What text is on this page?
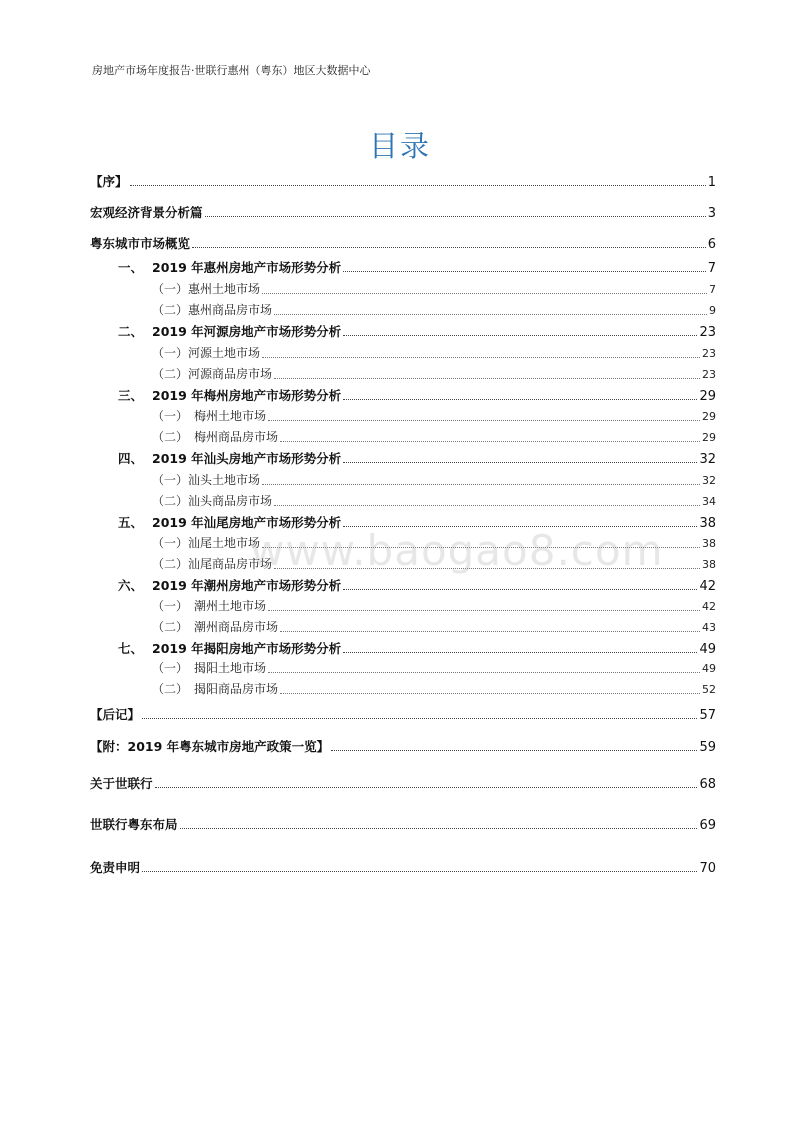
房地产市场年度报告·世联行惠州（粤东）地区大数据中心
目录
【序】	1
宏观经济背景分析篇	3
粤东城市市场概览	6
一、 2019 年惠州房地产市场形势分析	7
（一） 惠州土地市场	7
（二） 惠州商品房市场	9
二、 2019 年河源房地产市场形势分析	23
（一） 河源土地市场	23
（二） 河源商品房市场	23
三、 2019 年梅州房地产市场形势分析	29
（一） 梅州土地市场	29
（二） 梅州商品房市场	29
四、 2019 年汕头房地产市场形势分析	32
（一） 汕头土地市场	32
（二） 汕头商品房市场	34
五、 2019 年汕尾房地产市场形势分析	38
（一） 汕尾土地市场	38
（二） 汕尾商品房市场	38
六、 2019 年潮州房地产市场形势分析	42
（一） 潮州土地市场	42
（二） 潮州商品房市场	43
七、 2019 年揭阳房地产市场形势分析	49
（一） 揭阳土地市场	49
（二） 揭阳商品房市场	52
【后记】	57
【附：2019 年粤东城市房地产政策一览】	59
关于世联行	68
世联行粤东布局	69
免责申明	70
www.baogao8.com
